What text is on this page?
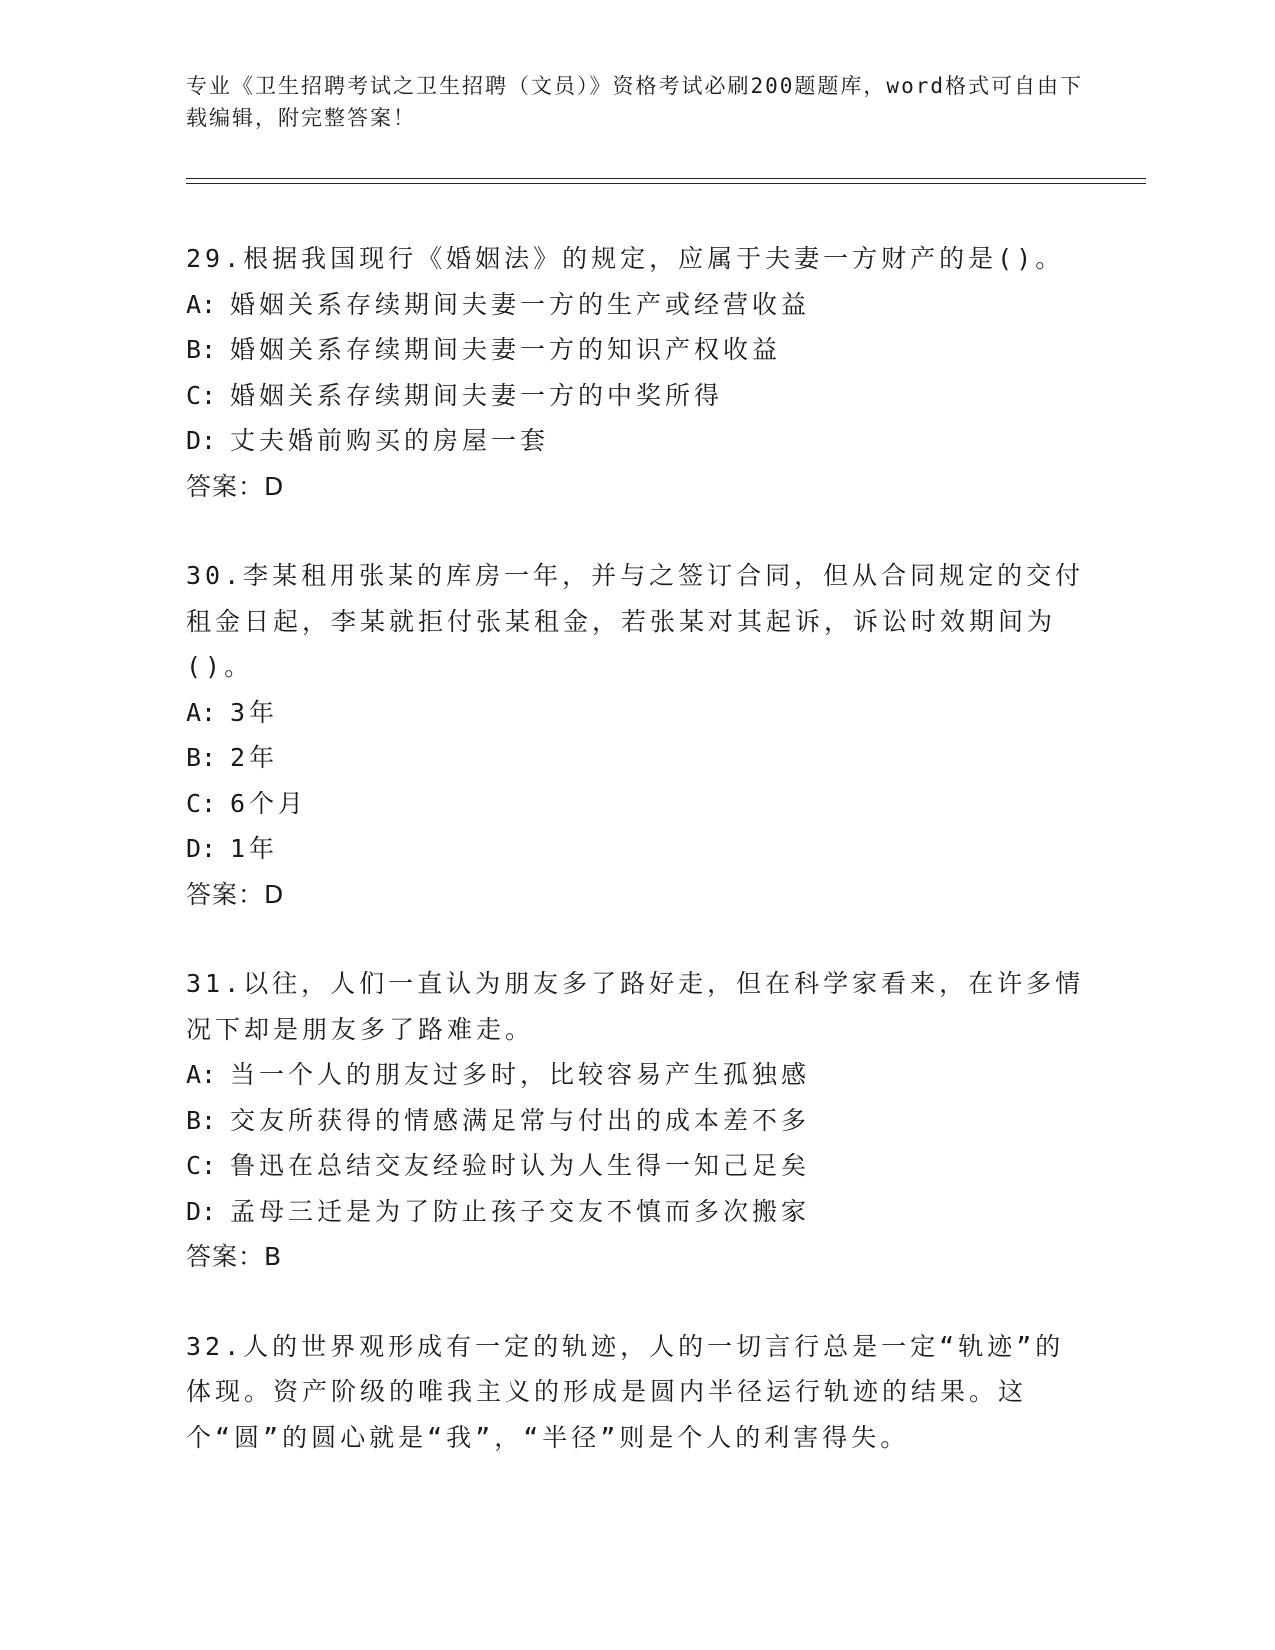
专业《卫生招聘考试之卫生招聘（文员）》资格考试必刷200题题库，word格式可自由下载编辑，附完整答案！
29.根据我国现行《婚姻法》的规定，应属于夫妻一方财产的是()。
A: 婚姻关系存续期间夫妻一方的生产或经营收益
B: 婚姻关系存续期间夫妻一方的知识产权收益
C: 婚姻关系存续期间夫妻一方的中奖所得
D: 丈夫婚前购买的房屋一套
答案：D
30.李某租用张某的库房一年，并与之签订合同，但从合同规定的交付租金日起，李某就拒付张某租金，若张某对其起诉，诉讼时效期间为()。
A: 3年
B: 2年
C: 6个月
D: 1年
答案：D
31.以往，人们一直认为朋友多了路好走，但在科学家看来，在许多情况下却是朋友多了路难走。
A: 当一个人的朋友过多时，比较容易产生孤独感
B: 交友所获得的情感满足常与付出的成本差不多
C: 鲁迅在总结交友经验时认为人生得一知己足矣
D: 孟母三迁是为了防止孩子交友不慎而多次搬家
答案：B
32.人的世界观形成有一定的轨迹，人的一切言行总是一定“轨迹”的体现。资产阶级的唯我主义的形成是圆内半径运行轨迹的结果。这个“圆”的圆心就是“我”，“半径”则是个人的利害得失。
